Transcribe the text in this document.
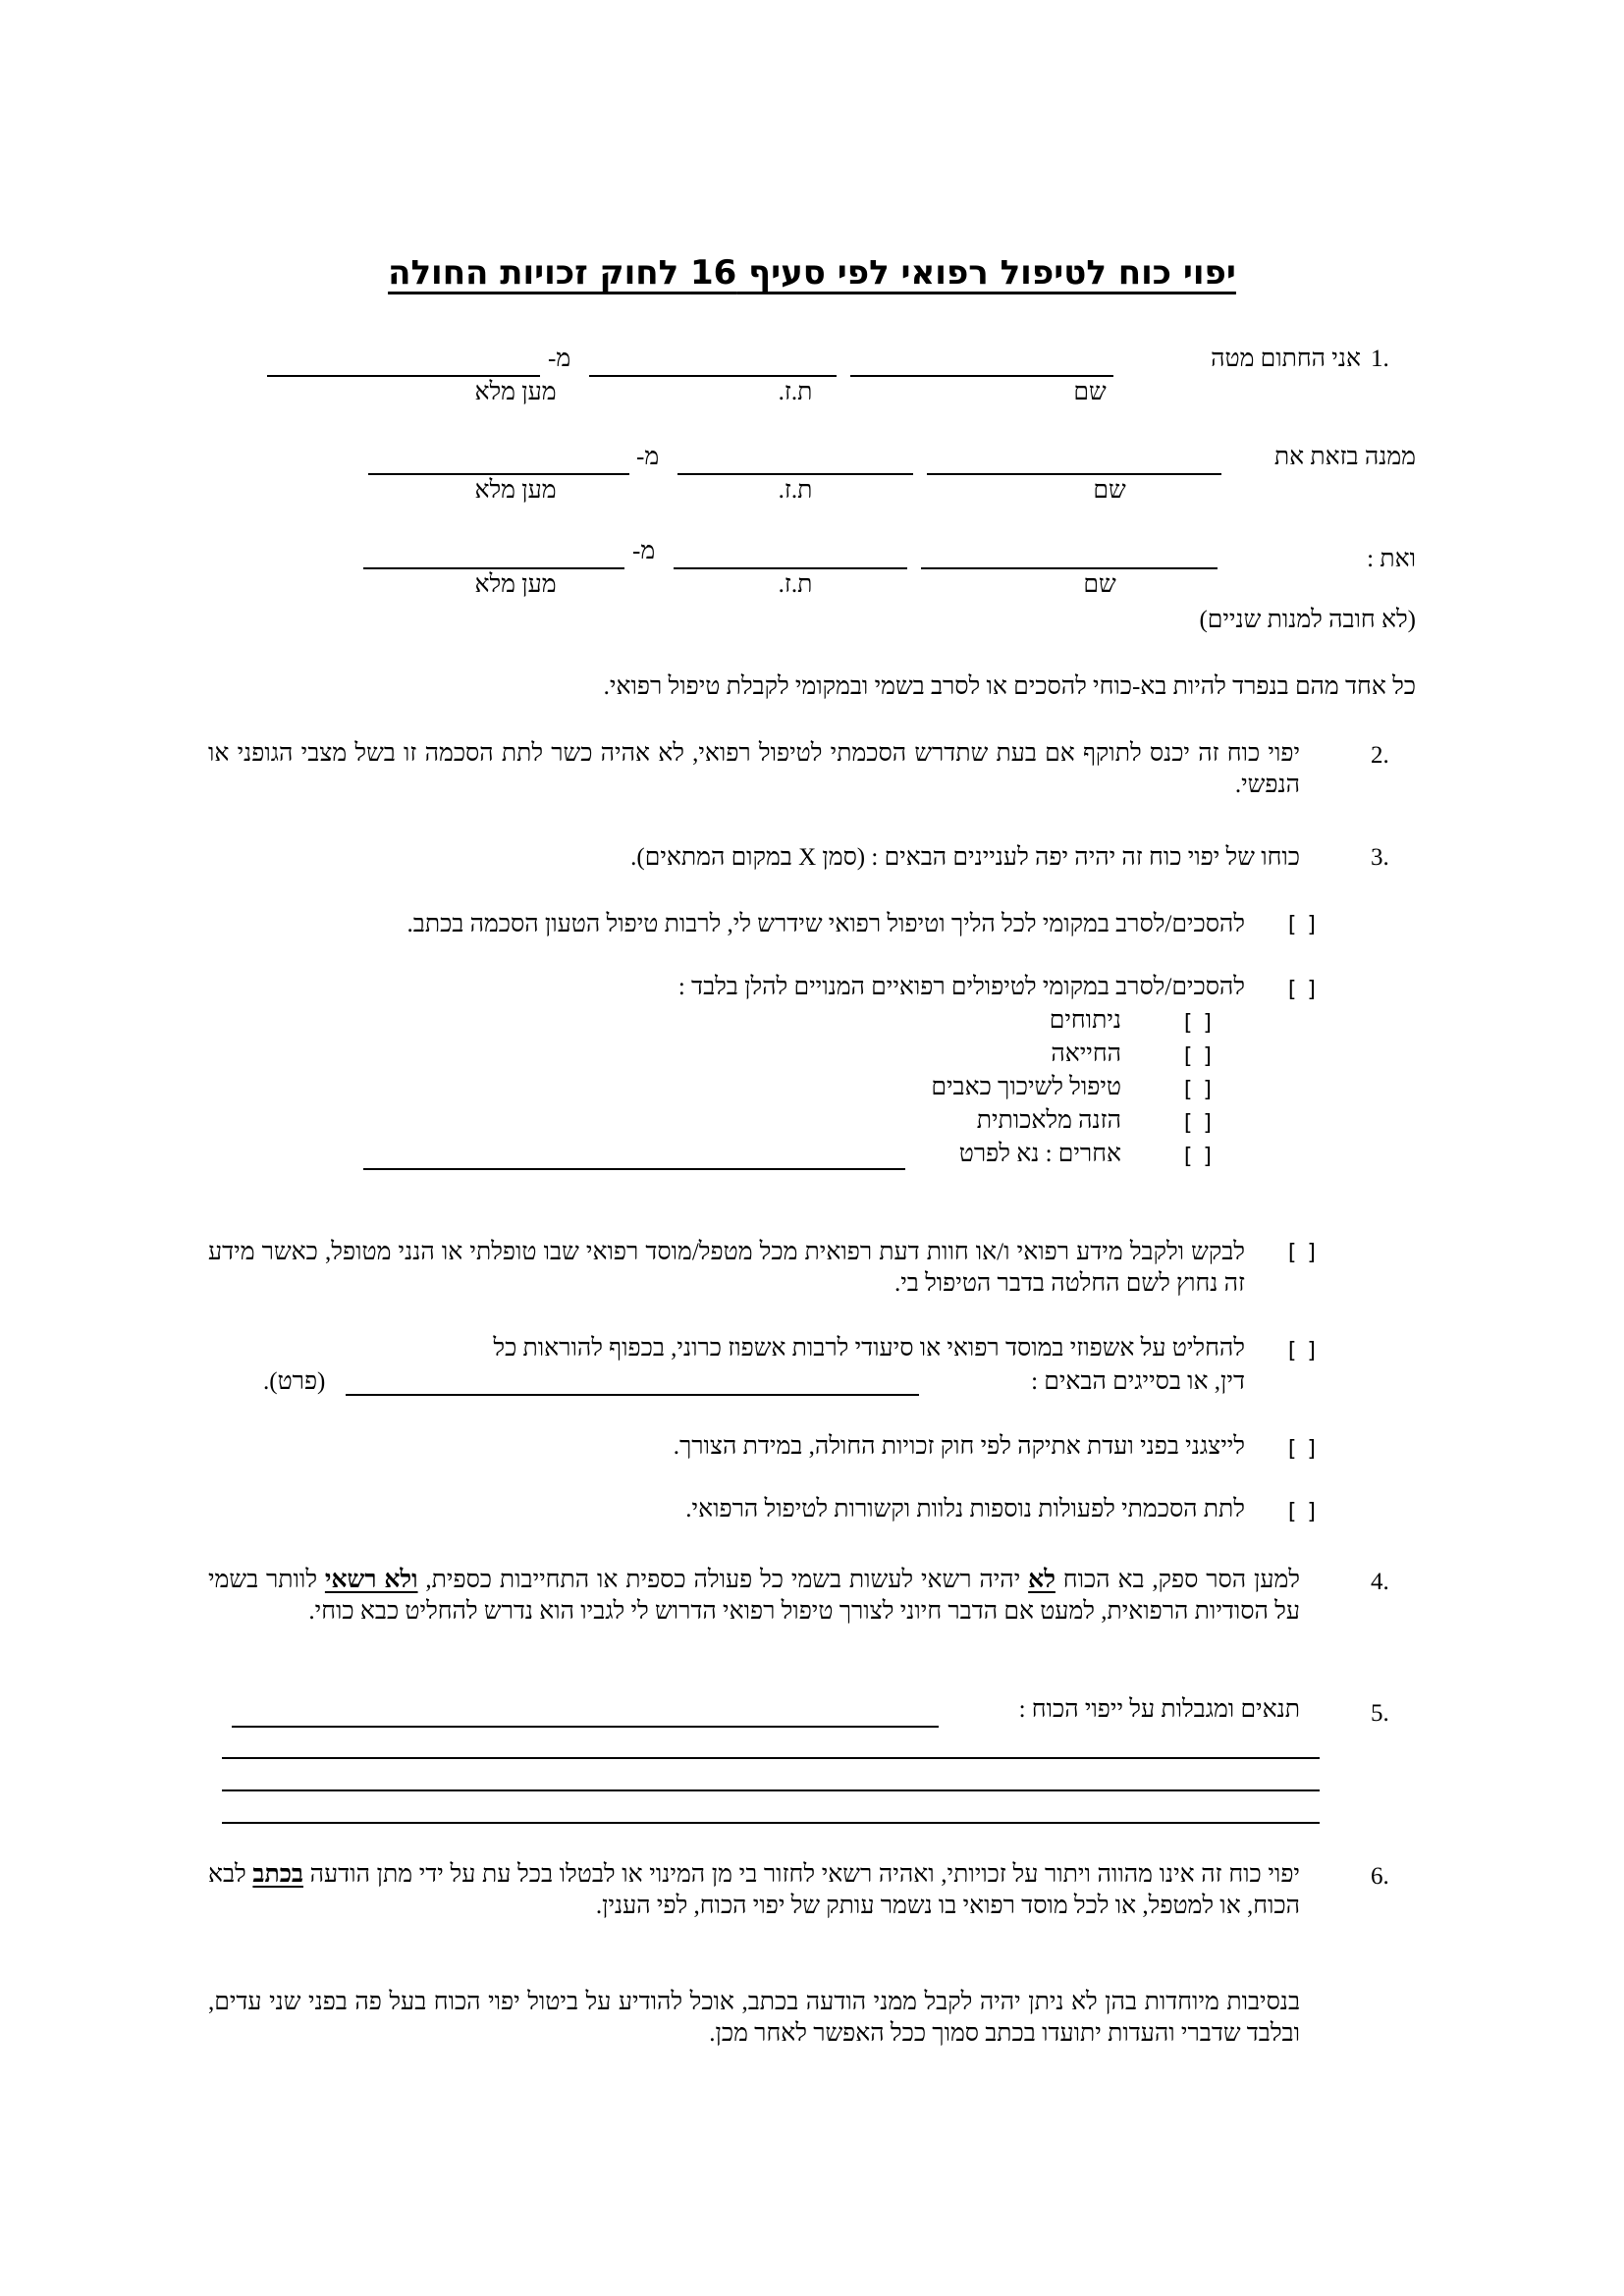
יפוי כוח לטיפול רפואי לפי סעיף 16 לחוק זכויות החולה
.1
אני החתום מטה
מ-
שם
ת.ז.
מען מלא
ממנה בזאת את
מ-
שם
ת.ז.
מען מלא
ואת :
מ-
שם
ת.ז.
מען מלא
(לא חובה למנות שניים)
כל אחד מהם בנפרד להיות בא-כוחי להסכים או לסרב בשמי ובמקומי לקבלת טיפול רפואי.
.2
יפוי כוח זה יכנס לתוקף אם בעת שתדרש הסכמתי לטיפול רפואי, לא אהיה כשר לתת הסכמה זו בשל מצבי הגופני או הנפשי.
.3
כוחו של יפוי כוח זה יהיה יפה לעניינים הבאים : (סמן X במקום המתאים).
[ ]
להסכים/לסרב במקומי לכל הליך וטיפול רפואי שידרש לי, לרבות טיפול הטעון הסכמה בכתב.
[ ]
להסכים/לסרב במקומי לטיפולים רפואיים המנויים להלן בלבד :
[ ]
ניתוחים
[ ]
החייאה
[ ]
טיפול לשיכוך כאבים
[ ]
הזנה מלאכותית
[ ]
אחרים : נא לפרט
[ ]
לבקש ולקבל מידע רפואי ו/או חוות דעת רפואית מכל מטפל/מוסד רפואי שבו טופלתי או הנני מטופל, כאשר מידע זה נחוץ לשם החלטה בדבר הטיפול בי.
[ ]
להחליט על אשפוזי במוסד רפואי או סיעודי לרבות אשפוז כרוני, בכפוף להוראות כל
דין, או בסייגים הבאים :
(פרט).
[ ]
לייצגני בפני ועדת אתיקה לפי חוק זכויות החולה, במידת הצורך.
[ ]
לתת הסכמתי לפעולות נוספות נלוות וקשורות לטיפול הרפואי.
.4
למען הסר ספק, בא הכוח לא יהיה רשאי לעשות בשמי כל פעולה כספית או התחייבות כספית, ולא רשאי לוותר בשמי על הסודיות הרפואית, למעט אם הדבר חיוני לצורך טיפול רפואי הדרוש לי לגביו הוא נדרש להחליט כבא כוחי.
.5
תנאים ומגבלות על ייפוי הכוח :
.6
יפוי כוח זה אינו מהווה ויתור על זכויותי, ואהיה רשאי לחזור בי מן המינוי או לבטלו בכל עת על ידי מתן הודעה בכתב לבא הכוח, או למטפל, או לכל מוסד רפואי בו נשמר עותק של יפוי הכוח, לפי הענין.
בנסיבות מיוחדות בהן לא ניתן יהיה לקבל ממני הודעה בכתב, אוכל להודיע על ביטול יפוי הכוח בעל פה בפני שני עדים, ובלבד שדברי והעדות יתועדו בכתב סמוך ככל האפשר לאחר מכן.
